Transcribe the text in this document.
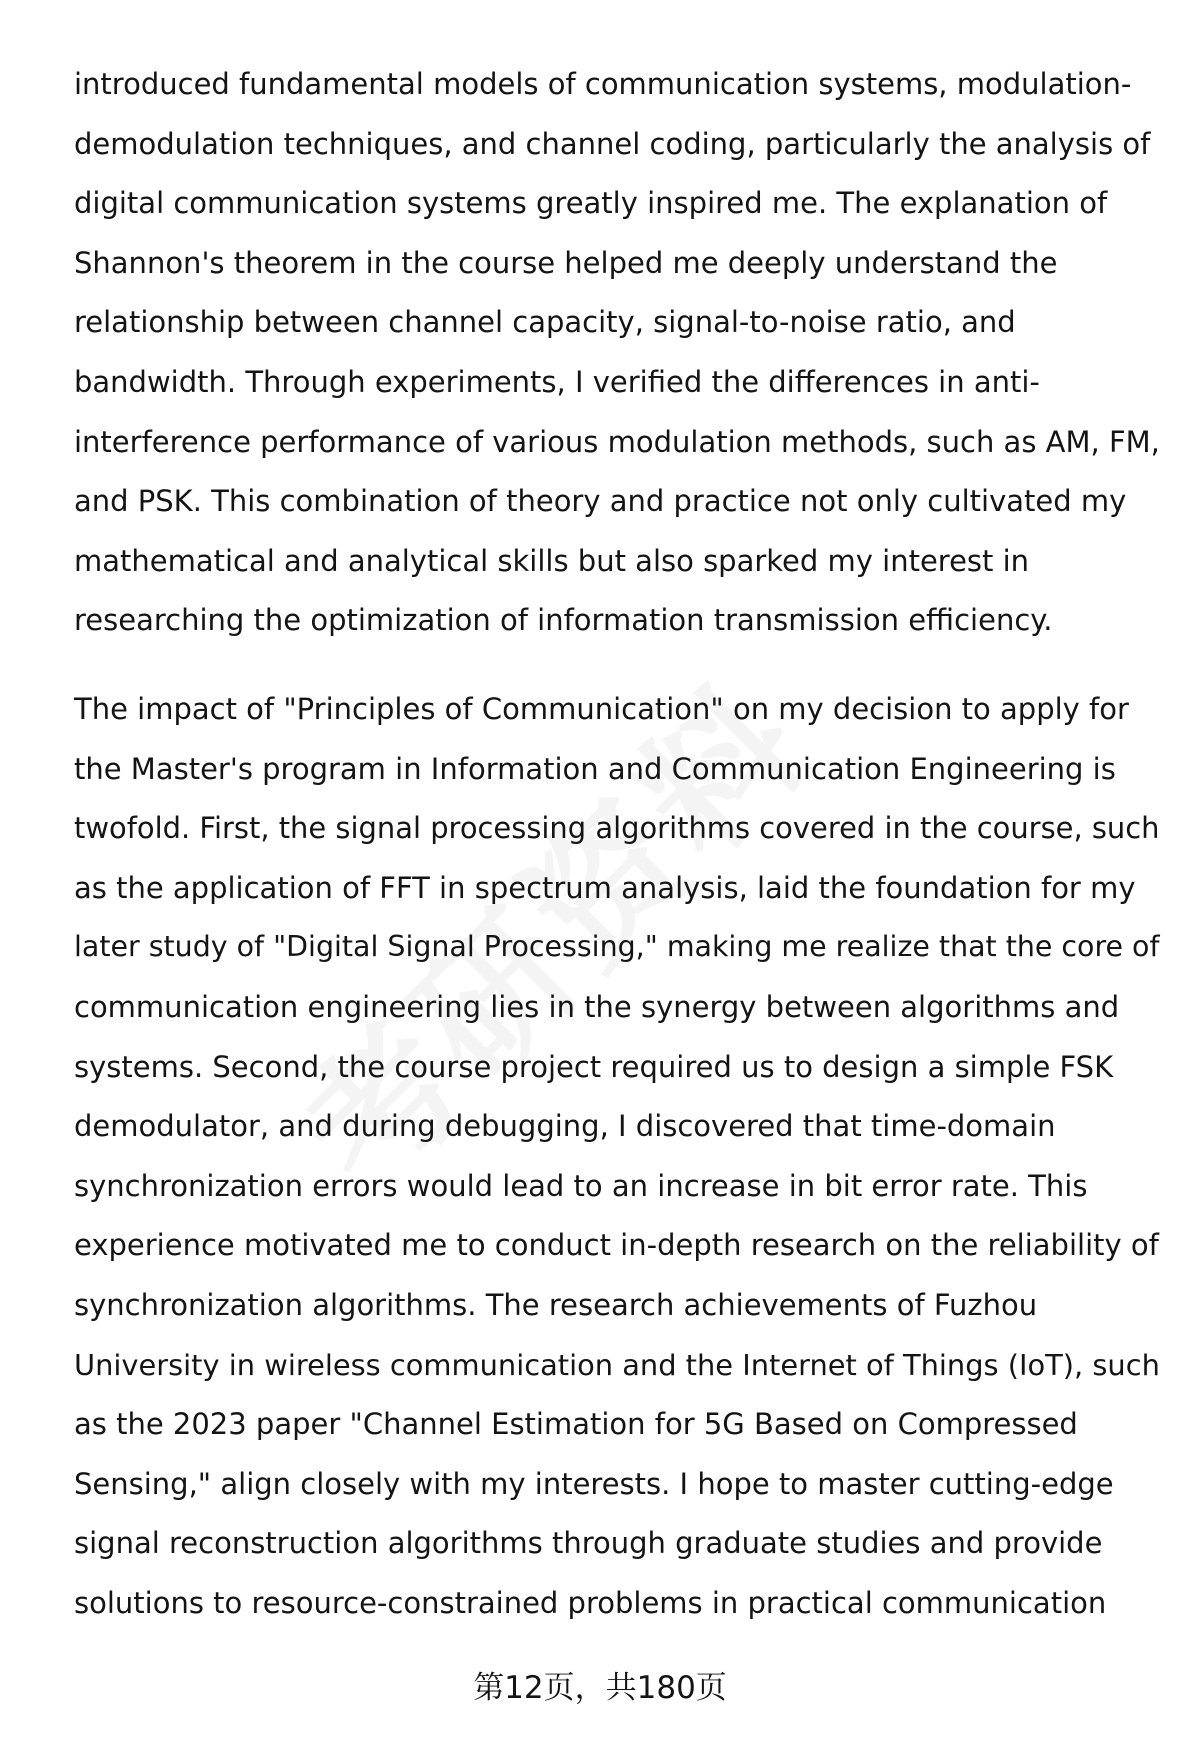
introduced fundamental models of communication systems, modulation-
demodulation techniques, and channel coding, particularly the analysis of
digital communication systems greatly inspired me. The explanation of
Shannon's theorem in the course helped me deeply understand the
relationship between channel capacity, signal-to-noise ratio, and
bandwidth. Through experiments, I verified the differences in anti-
interference performance of various modulation methods, such as AM, FM,
and PSK. This combination of theory and practice not only cultivated my
mathematical and analytical skills but also sparked my interest in
researching the optimization of information transmission efficiency.
The impact of "Principles of Communication" on my decision to apply for
the Master's program in Information and Communication Engineering is
twofold. First, the signal processing algorithms covered in the course, such
as the application of FFT in spectrum analysis, laid the foundation for my
later study of "Digital Signal Processing," making me realize that the core of
communication engineering lies in the synergy between algorithms and
systems. Second, the course project required us to design a simple FSK
demodulator, and during debugging, I discovered that time-domain
synchronization errors would lead to an increase in bit error rate. This
experience motivated me to conduct in-depth research on the reliability of
synchronization algorithms. The research achievements of Fuzhou
University in wireless communication and the Internet of Things (IoT), such
as the 2023 paper "Channel Estimation for 5G Based on Compressed
Sensing," align closely with my interests. I hope to master cutting-edge
signal reconstruction algorithms through graduate studies and provide
solutions to resource-constrained problems in practical communication
第12页，共180页
